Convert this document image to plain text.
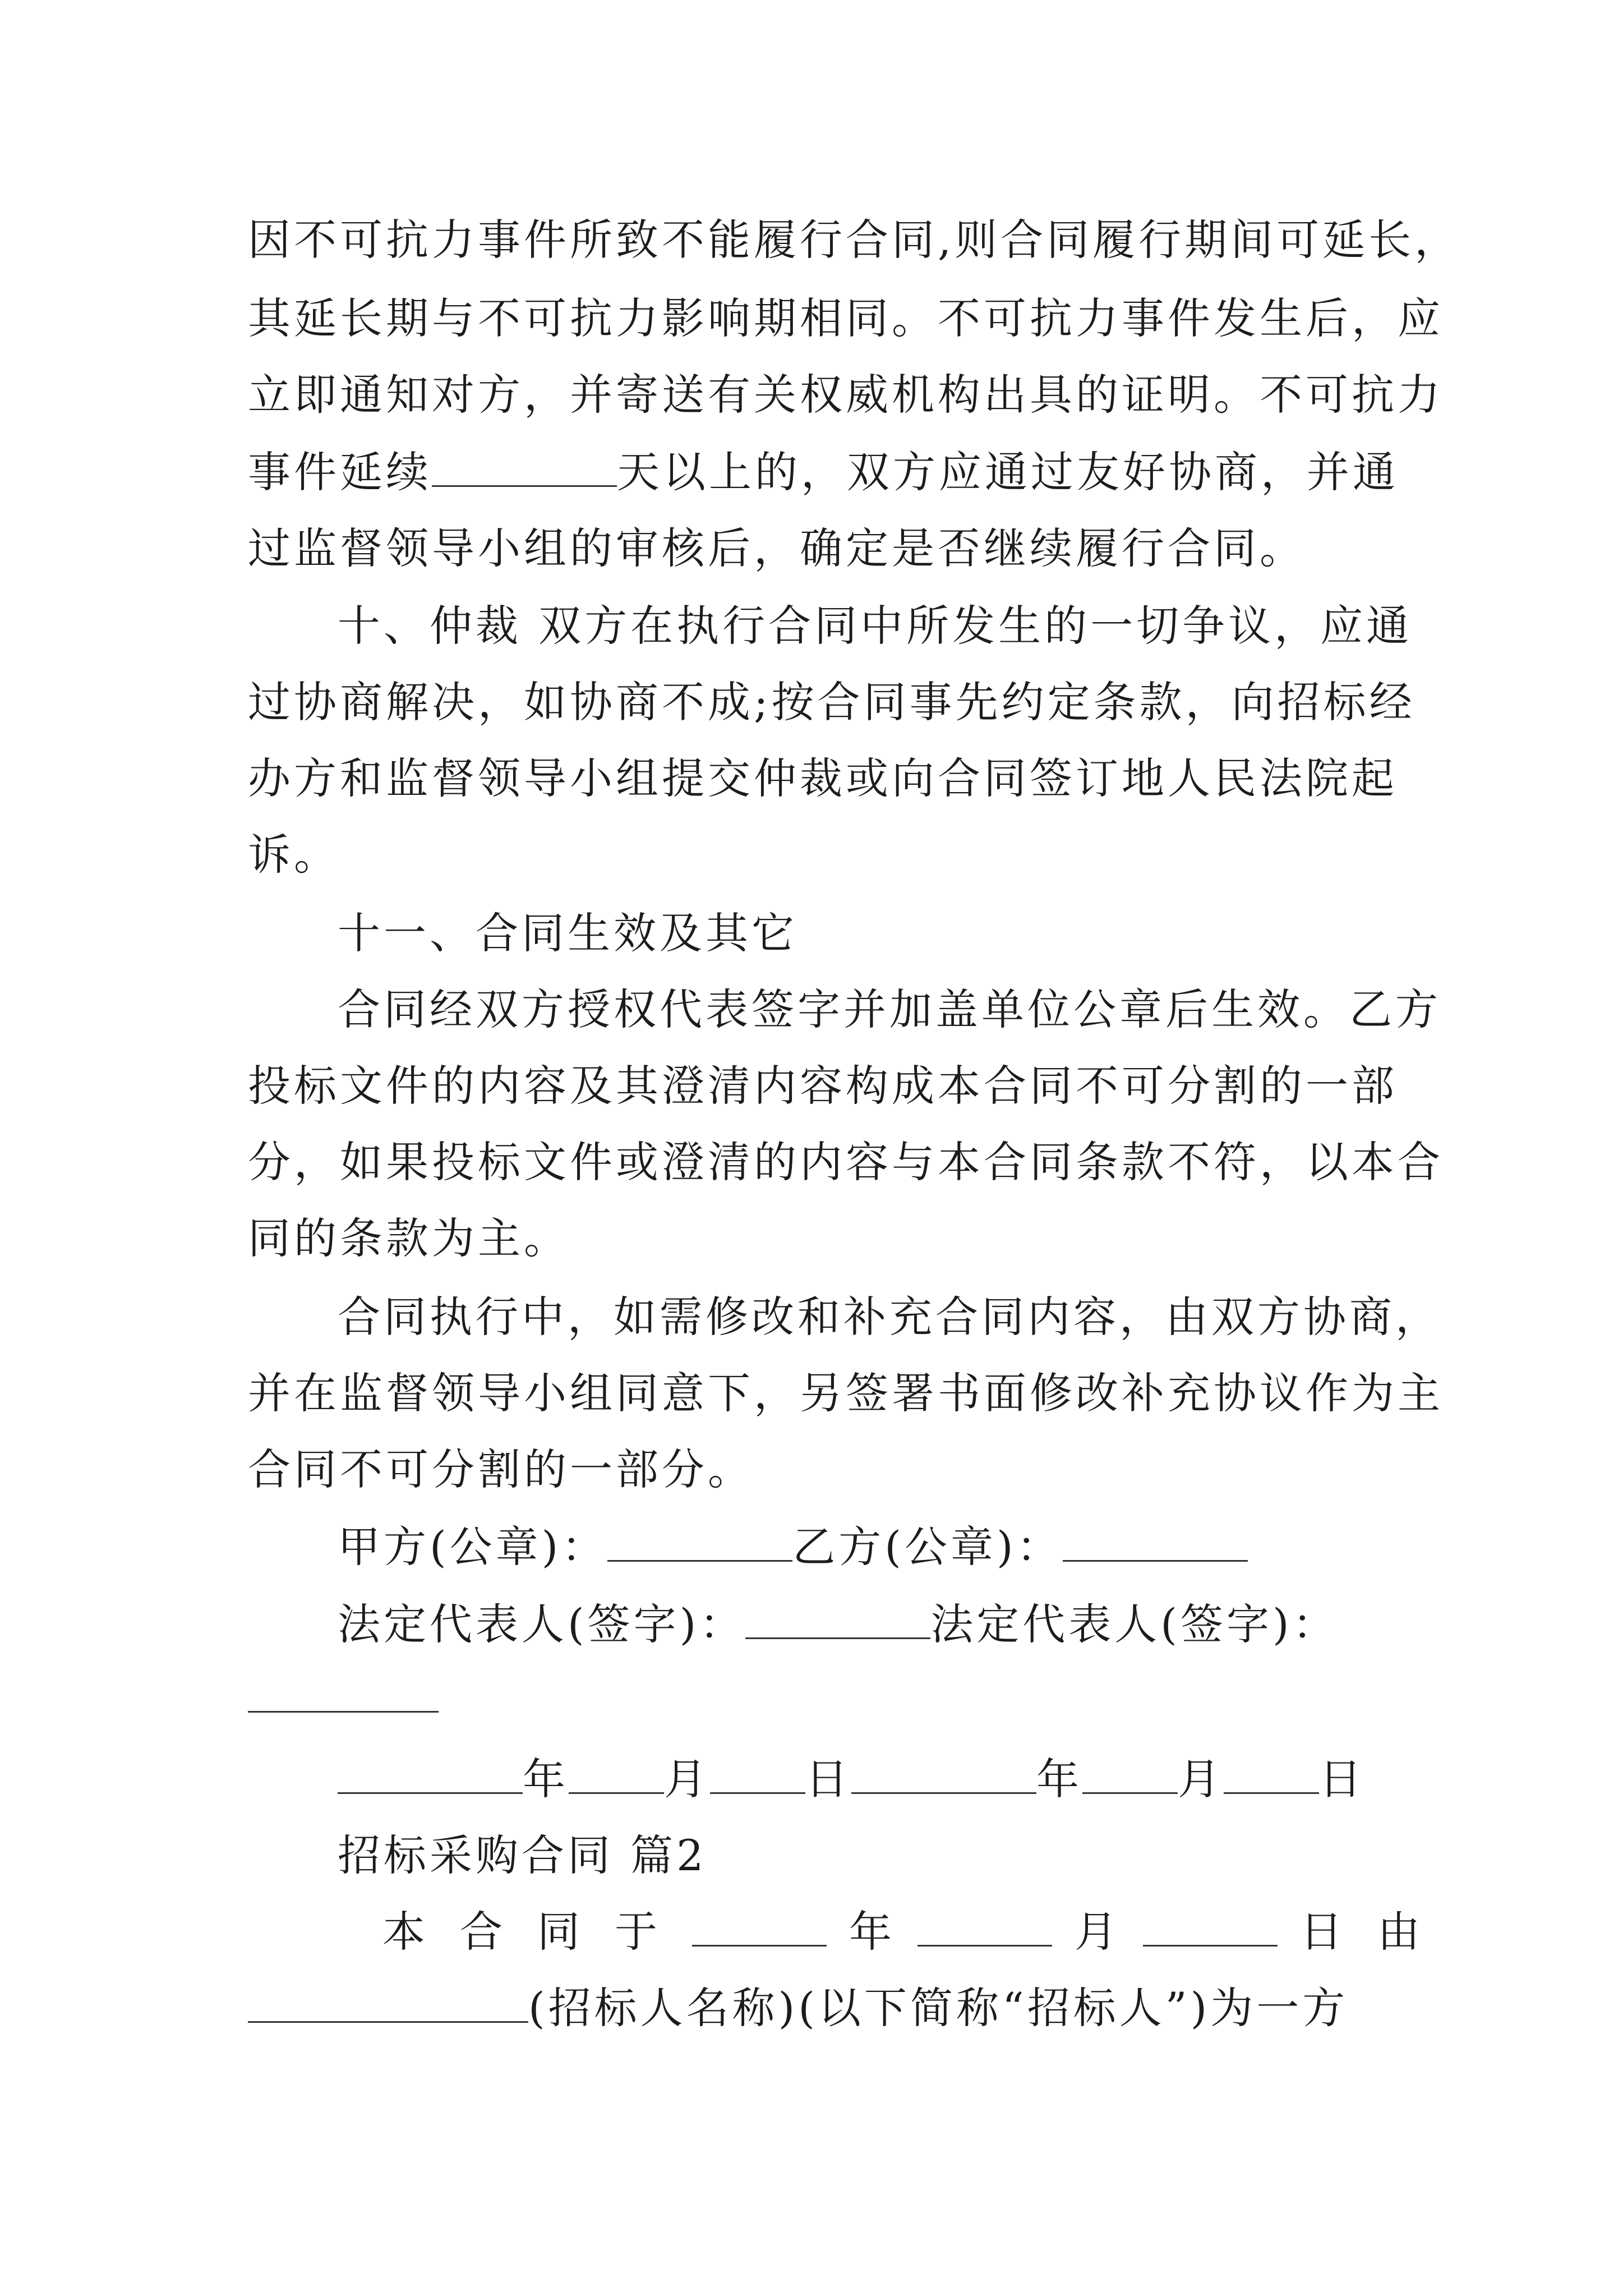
因不可抗力事件所致不能履行合同,则合同履行期间可延长，
其延长期与不可抗力影响期相同。不可抗力事件发生后，应
立即通知对方，并寄送有关权威机构出具的证明。不可抗力
事件延续	天以上的，双方应通过友好协商，并通
过监督领导小组的审核后，确定是否继续履行合同。
十、仲裁 双方在执行合同中所发生的一切争议，应通
过协商解决，如协商不成;按合同事先约定条款，向招标经
办方和监督领导小组提交仲裁或向合同签订地人民法院起
诉。
十一、合同生效及其它
合同经双方授权代表签字并加盖单位公章后生效。乙方
投标文件的内容及其澄清内容构成本合同不可分割的一部
分，如果投标文件或澄清的内容与本合同条款不符，以本合
同的条款为主。
合同执行中，如需修改和补充合同内容，由双方协商，
并在监督领导小组同意下，另签署书面修改补充协议作为主
合同不可分割的一部分。
甲方(公章)：	乙方(公章)：
法定代表人(签字)：	法定代表人(签字)：
年 月 日	年 月 日
招标采购合同 篇2
本合同于	年	月	日由
(招标人名称)(以下简称“招标人”)为一方
